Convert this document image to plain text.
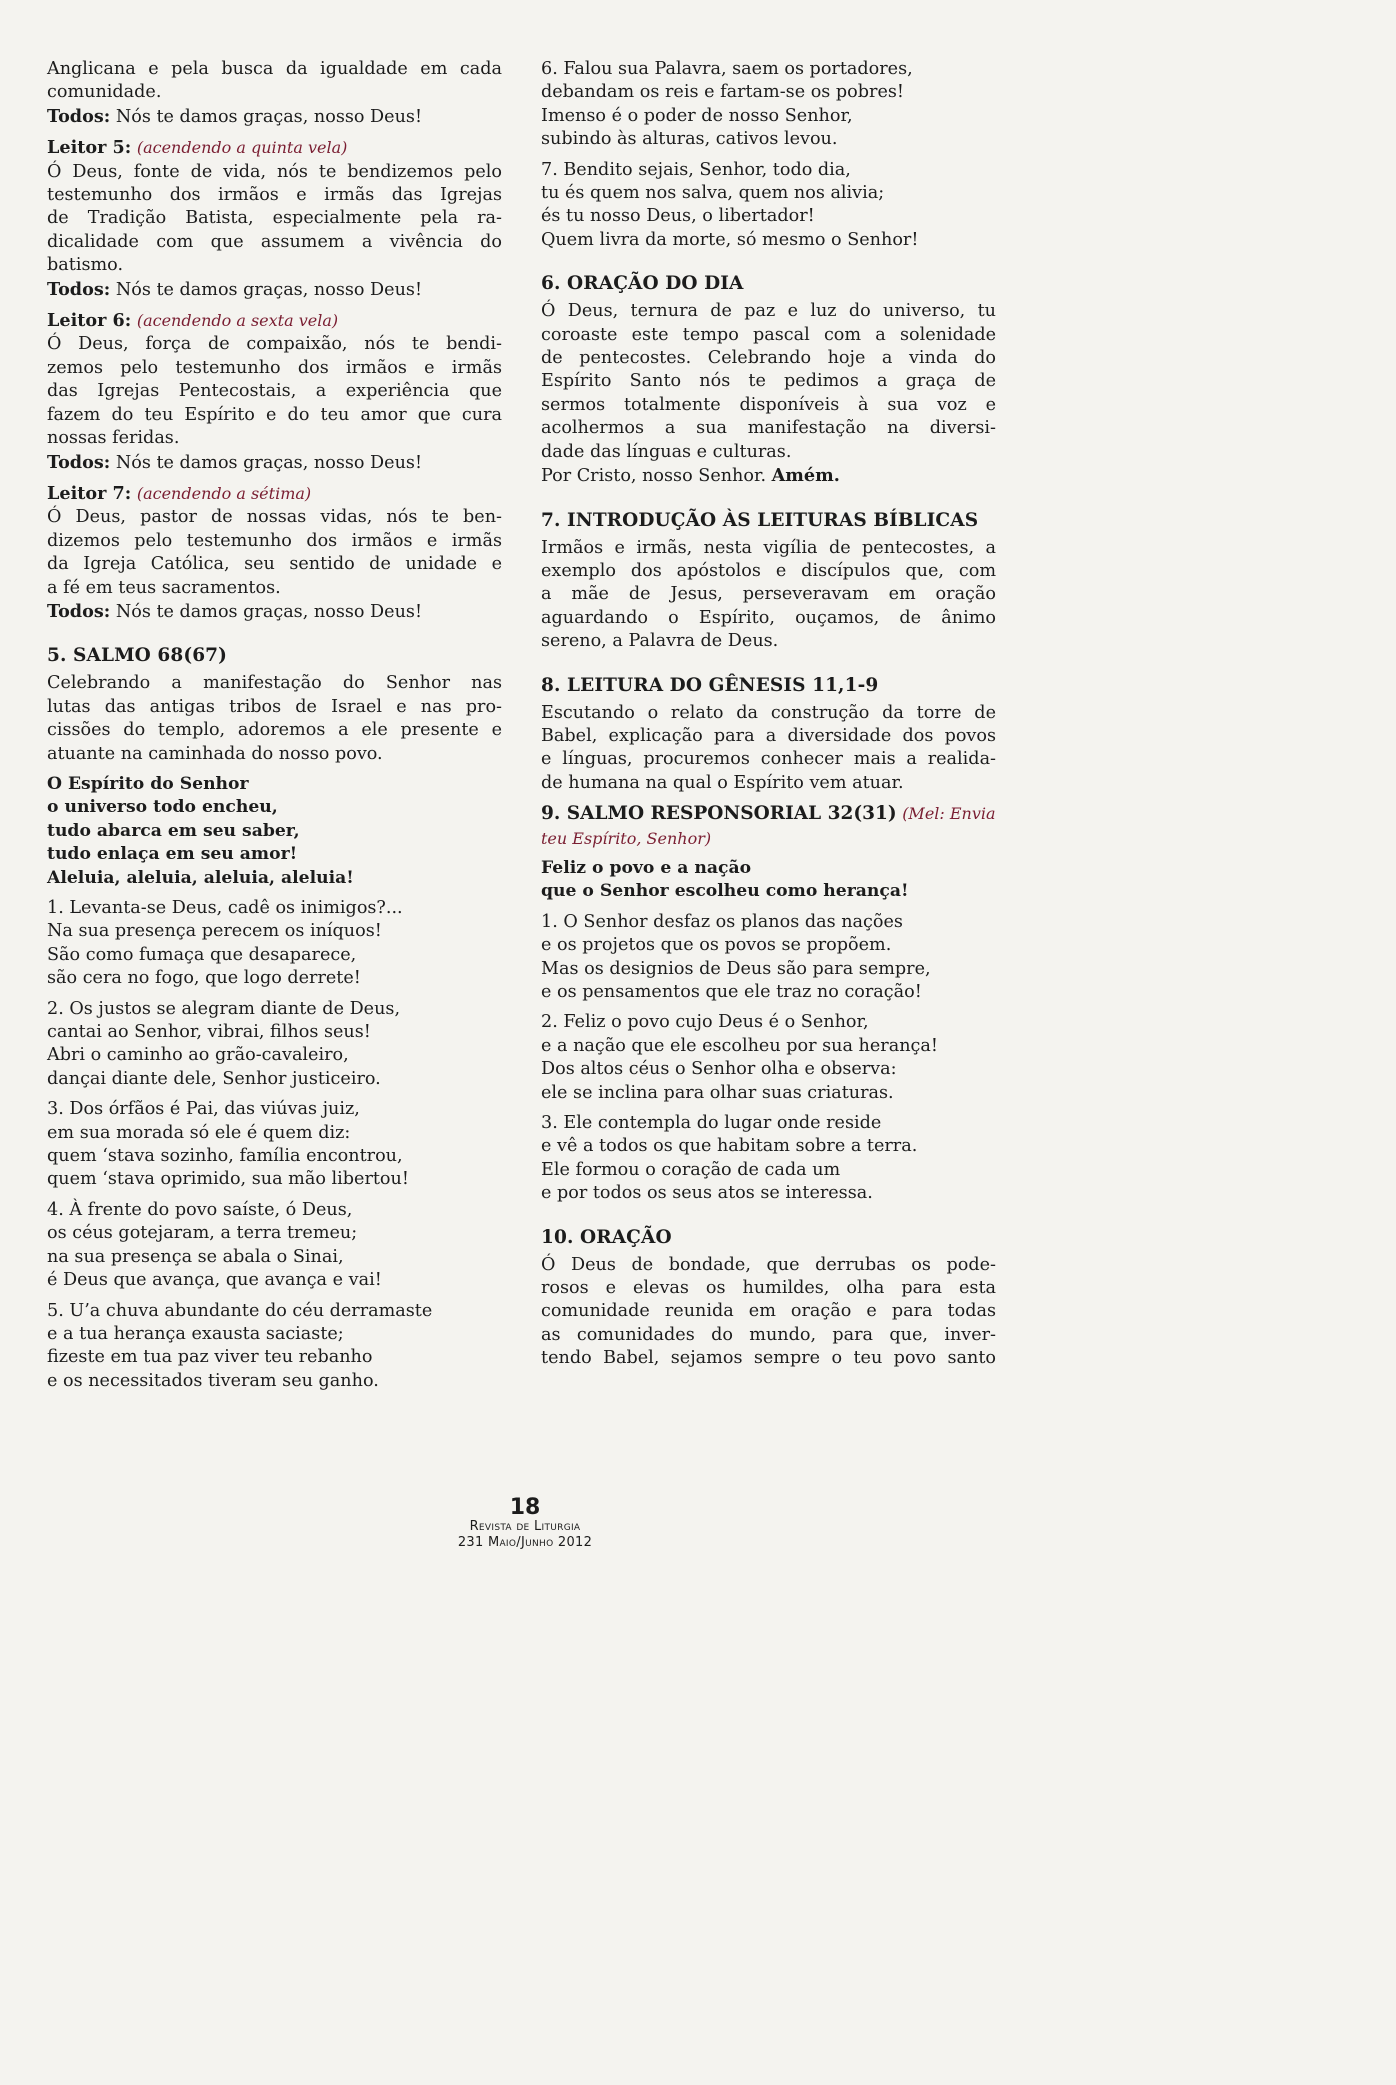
Anglicana e pela busca da igualdade em cada
comunidade.
Todos: Nós te damos graças, nosso Deus!
Leitor 5: (acendendo a quinta vela)
Ó Deus, fonte de vida, nós te bendizemos pelo
testemunho dos irmãos e irmãs das Igrejas
de Tradição Batista, especialmente pela ra-
dicalidade com que assumem a vivência do
batismo.
Todos: Nós te damos graças, nosso Deus!
Leitor 6: (acendendo a sexta vela)
Ó Deus, força de compaixão, nós te bendi-
zemos pelo testemunho dos irmãos e irmãs
das Igrejas Pentecostais, a experiência que
fazem do teu Espírito e do teu amor que cura
nossas feridas.
Todos: Nós te damos graças, nosso Deus!
Leitor 7: (acendendo a sétima)
Ó Deus, pastor de nossas vidas, nós te ben-
dizemos pelo testemunho dos irmãos e irmãs
da Igreja Católica, seu sentido de unidade e
a fé em teus sacramentos.
Todos: Nós te damos graças, nosso Deus!
5. SALMO 68(67)
Celebrando a manifestação do Senhor nas
lutas das antigas tribos de Israel e nas pro-
cissões do templo, adoremos a ele presente e
atuante na caminhada do nosso povo.
O Espírito do Senhor
o universo todo encheu,
tudo abarca em seu saber,
tudo enlaça em seu amor!
Aleluia, aleluia, aleluia, aleluia!
1. Levanta-se Deus, cadê os inimigos?...
Na sua presença perecem os iníquos!
São como fumaça que desaparece,
são cera no fogo, que logo derrete!
2. Os justos se alegram diante de Deus,
cantai ao Senhor, vibrai, filhos seus!
Abri o caminho ao grão-cavaleiro,
dançai diante dele, Senhor justiceiro.
3. Dos órfãos é Pai, das viúvas juiz,
em sua morada só ele é quem diz:
quem ‘stava sozinho, família encontrou,
quem ‘stava oprimido, sua mão libertou!
4. À frente do povo saíste, ó Deus,
os céus gotejaram, a terra tremeu;
na sua presença se abala o Sinai,
é Deus que avança, que avança e vai!
5. U’a chuva abundante do céu derramaste
e a tua herança exausta saciaste;
fizeste em tua paz viver teu rebanho
e os necessitados tiveram seu ganho.
6. Falou sua Palavra, saem os portadores,
debandam os reis e fartam-se os pobres!
Imenso é o poder de nosso Senhor,
subindo às alturas, cativos levou.
7. Bendito sejais, Senhor, todo dia,
tu és quem nos salva, quem nos alivia;
és tu nosso Deus, o libertador!
Quem livra da morte, só mesmo o Senhor!
6. ORAÇÃO DO DIA
Ó Deus, ternura de paz e luz do universo, tu
coroaste este tempo pascal com a solenidade
de pentecostes. Celebrando hoje a vinda do
Espírito Santo nós te pedimos a graça de
sermos totalmente disponíveis à sua voz e
acolhermos a sua manifestação na diversi-
dade das línguas e culturas.
Por Cristo, nosso Senhor. Amém.
7. INTRODUÇÃO ÀS LEITURAS BÍBLICAS
Irmãos e irmãs, nesta vigília de pentecostes, a
exemplo dos apóstolos e discípulos que, com
a mãe de Jesus, perseveravam em oração
aguardando o Espírito, ouçamos, de ânimo
sereno, a Palavra de Deus.
8. LEITURA DO GÊNESIS 11,1-9
Escutando o relato da construção da torre de
Babel, explicação para a diversidade dos povos
e línguas, procuremos conhecer mais a realida-
de humana na qual o Espírito vem atuar.
9. SALMO RESPONSORIAL 32(31) (Mel: Envia
teu Espírito, Senhor)
Feliz o povo e a nação
que o Senhor escolheu como herança!
1. O Senhor desfaz os planos das nações
e os projetos que os povos se propõem.
Mas os designios de Deus são para sempre,
e os pensamentos que ele traz no coração!
2. Feliz o povo cujo Deus é o Senhor,
e a nação que ele escolheu por sua herança!
Dos altos céus o Senhor olha e observa:
ele se inclina para olhar suas criaturas.
3. Ele contempla do lugar onde reside
e vê a todos os que habitam sobre a terra.
Ele formou o coração de cada um
e por todos os seus atos se interessa.
10. ORAÇÃO
Ó Deus de bondade, que derrubas os pode-
rosos e elevas os humildes, olha para esta
comunidade reunida em oração e para todas
as comunidades do mundo, para que, inver-
tendo Babel, sejamos sempre o teu povo santo
18
Revista de Liturgia
231 Maio/Junho 2012
